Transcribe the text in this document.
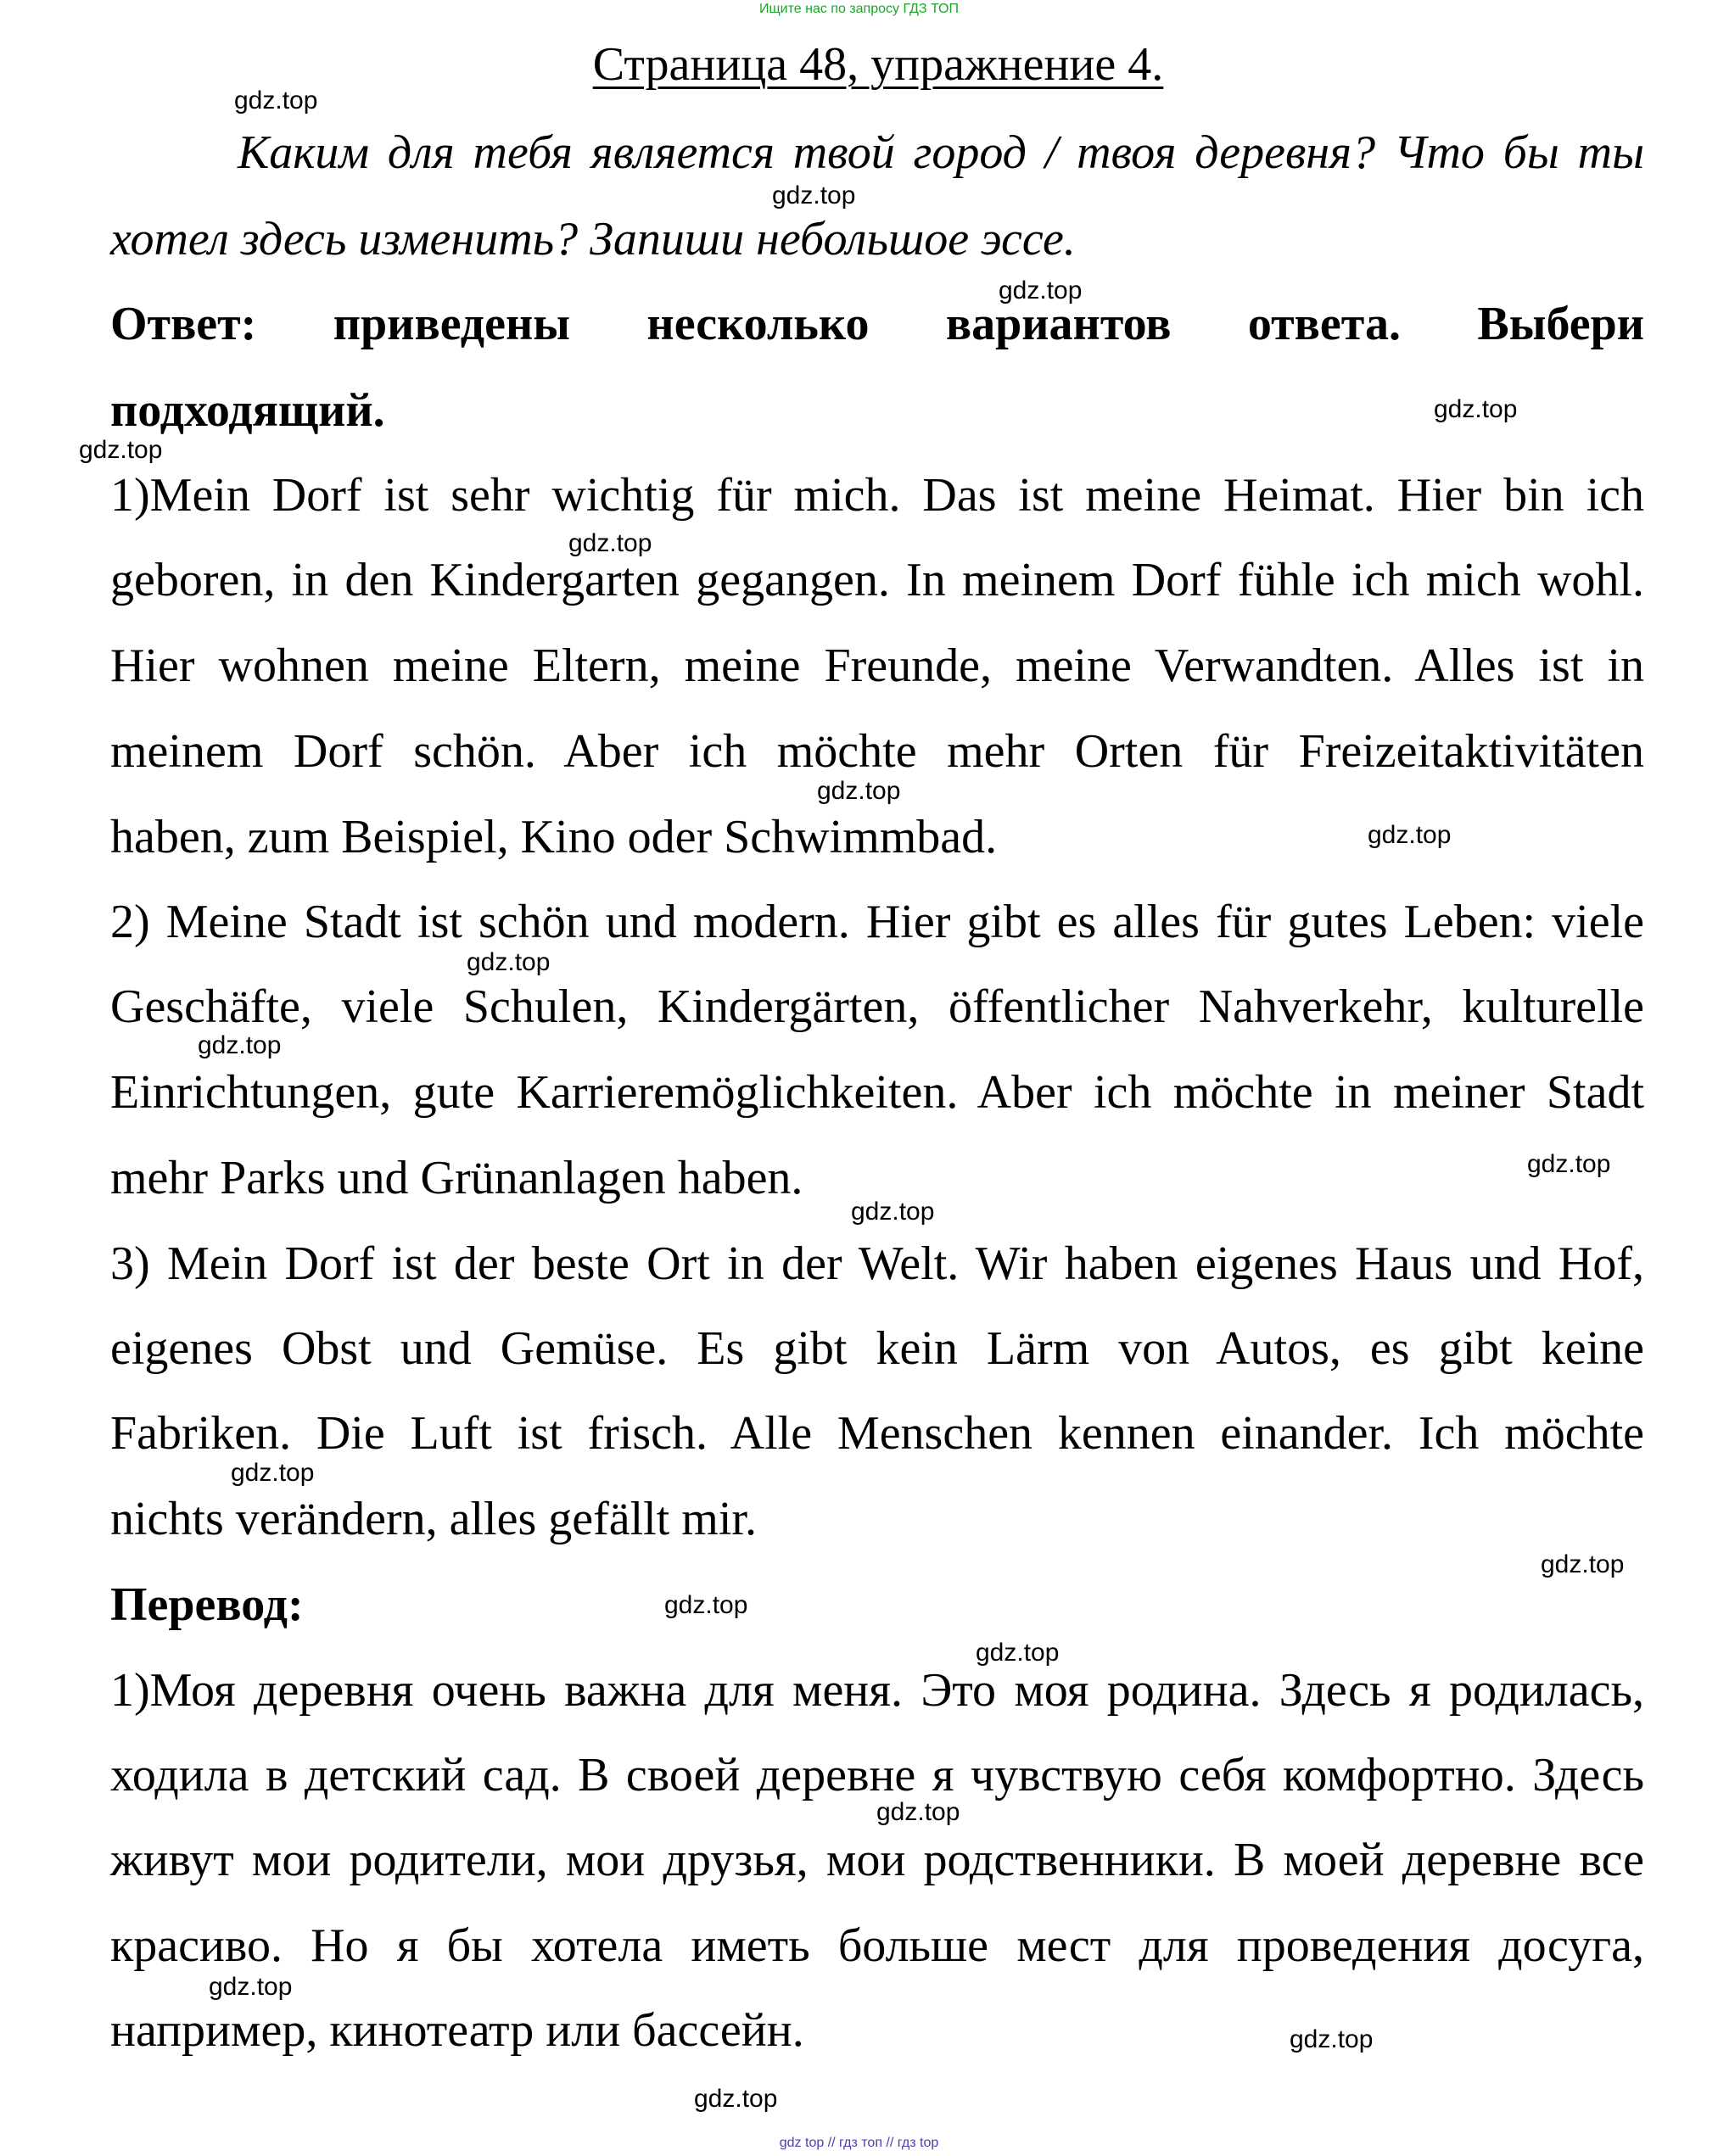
Ищите нас по запросу ГДЗ ТОП
Страница 48, упражнение 4.
Каким для тебя является твой город / твоя деревня? Что бы ты
хотел здесь изменить? Запиши небольшое эссе.
Ответ: приведены несколько вариантов ответа. Выбери
подходящий.
1)Mein Dorf ist sehr wichtig für mich. Das ist meine Heimat. Hier bin ich
geboren, in den Kindergarten gegangen. In meinem Dorf fühle ich mich wohl.
Hier wohnen meine Eltern, meine Freunde, meine Verwandten. Alles ist in
meinem Dorf schön. Aber ich möchte mehr Orten für Freizeitaktivitäten
haben, zum Beispiel, Kino oder Schwimmbad.
2) Meine Stadt ist schön und modern. Hier gibt es alles für gutes Leben: viele
Geschäfte, viele Schulen, Kindergärten, öffentlicher Nahverkehr, kulturelle
Einrichtungen, gute Karrieremöglichkeiten. Aber ich möchte in meiner Stadt
mehr Parks und Grünanlagen haben.
3) Mein Dorf ist der beste Ort in der Welt. Wir haben eigenes Haus und Hof,
eigenes Obst und Gemüse. Es gibt kein Lärm von Autos, es gibt keine
Fabriken. Die Luft ist frisch. Alle Menschen kennen einander. Ich möchte
nichts verändern, alles gefällt mir.
Перевод:
1)Моя деревня очень важна для меня. Это моя родина. Здесь я родилась,
ходила в детский сад. В своей деревне я чувствую себя комфортно. Здесь
живут мои родители, мои друзья, мои родственники. В моей деревне все
красиво. Но я бы хотела иметь больше мест для проведения досуга,
например, кинотеатр или бассейн.
gdz.top
gdz.top
gdz.top
gdz.top
gdz.top
gdz.top
gdz.top
gdz.top
gdz.top
gdz.top
gdz.top
gdz.top
gdz.top
gdz.top
gdz.top
gdz.top
gdz.top
gdz.top
gdz.top
gdz.top
gdz top // гдз топ // гдз top
